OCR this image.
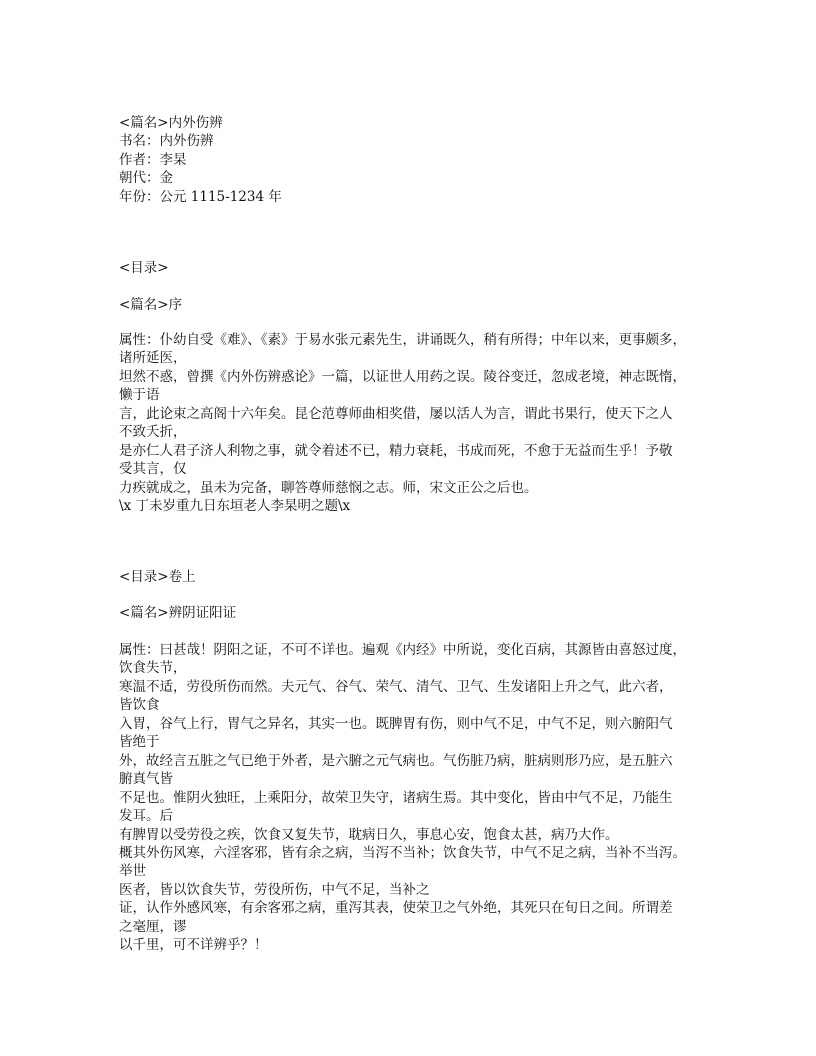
<篇名>内外伤辨
书名：内外伤辨
作者：李杲
朝代：金
年份：公元 1115-1234 年
<目录>
<篇名>序
属性：仆幼自受《难》、《素》于易水张元素先生，讲诵既久，稍有所得；中年以来，更事颇多，
诸所延医，
坦然不惑，曾撰《内外伤辨惑论》一篇，以证世人用药之误。陵谷变迁，忽成老境，神志既惰，
懒于语
言，此论束之高阁十六年矣。昆仑范尊师曲相奖借，屡以活人为言，谓此书果行，使天下之人
不致夭折，
是亦仁人君子济人利物之事，就令着述不已，精力衰耗，书成而死，不愈于无益而生乎！予敬
受其言，仅
力疾就成之，虽未为完备，聊答尊师慈悯之志。师，宋文正公之后也。
\x 丁未岁重九日东垣老人李杲明之题\x
<目录>卷上
<篇名>辨阴证阳证
属性：曰甚哉！阴阳之证，不可不详也。遍观《内经》中所说，变化百病，其源皆由喜怒过度，
饮食失节，
寒温不适，劳役所伤而然。夫元气、谷气、荣气、清气、卫气、生发诸阳上升之气，此六者，
皆饮食
入胃，谷气上行，胃气之异名，其实一也。既脾胃有伤，则中气不足，中气不足，则六腑阳气
皆绝于
外，故经言五脏之气已绝于外者，是六腑之元气病也。气伤脏乃病，脏病则形乃应，是五脏六
腑真气皆
不足也。惟阴火独旺，上乘阳分，故荣卫失守，诸病生焉。其中变化，皆由中气不足，乃能生
发耳。后
有脾胃以受劳役之疾，饮食又复失节，耽病日久，事息心安，饱食太甚，病乃大作。
概其外伤风寒，六淫客邪，皆有余之病，当泻不当补；饮食失节，中气不足之病，当补不当泻。
举世
医者，皆以饮食失节，劳役所伤，中气不足，当补之
证，认作外感风寒，有余客邪之病，重泻其表，使荣卫之气外绝，其死只在旬日之间。所谓差
之毫厘，谬
以千里，可不详辨乎？！
